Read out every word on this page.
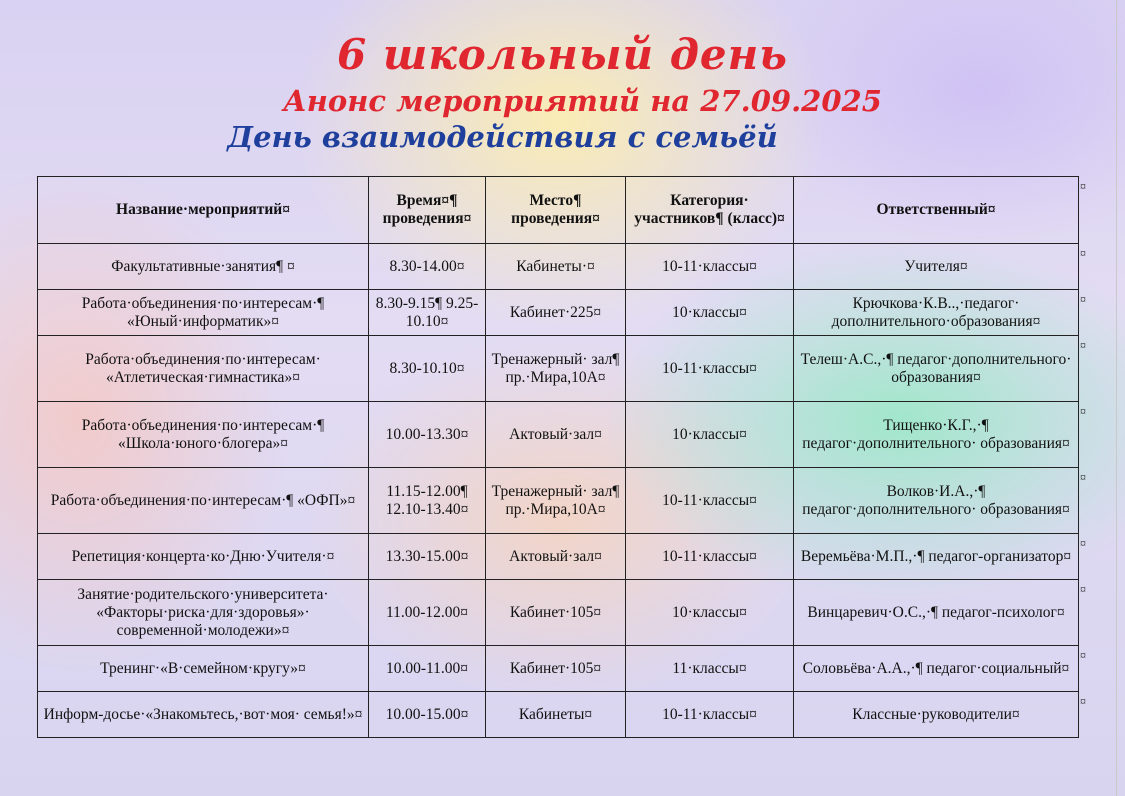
6 школьный день
Анонс мероприятий на 27.09.2025
День взаимодействия с семьёй
Название·мероприятий¤	Время¤¶ проведения¤	Место¶ проведения¤	Категория· участников¶ (класс)¤	Ответственный¤
Факультативные·занятия¶ ¤	8.30-14.00¤	Кабинеты·¤	10-11·классы¤	Учителя¤
Работа·объединения·по·интересам·¶ «Юный·информатик»¤	8.30-9.15¶ 9.25-10.10¤	Кабинет·225¤	10·классы¤	Крючкова·К.В..,·педагог· дополнительного·образования¤
Работа·объединения·по·интересам· «Атлетическая·гимнастика»¤	8.30-10.10¤	Тренажерный· зал¶ пр.·Мира,10А¤	10-11·классы¤	Телеш·А.С.,·¶ педагог·дополнительного· образования¤
Работа·объединения·по·интересам·¶ «Школа·юного·блогера»¤	10.00-13.30¤	Актовый·зал¤	10·классы¤	Тищенко·К.Г.,·¶ педагог·дополнительного· образования¤
Работа·объединения·по·интересам·¶ «ОФП»¤	11.15-12.00¶ 12.10-13.40¤	Тренажерный· зал¶ пр.·Мира,10А¤	10-11·классы¤	Волков·И.А.,·¶ педагог·дополнительного· образования¤
Репетиция·концерта·ко·Дню·Учителя·¤	13.30-15.00¤	Актовый·зал¤	10-11·классы¤	Веремьёва·М.П.,·¶ педагог-организатор¤
Занятие·родительского·университета· «Факторы·риска·для·здоровья»· современной·молодежи»¤	11.00-12.00¤	Кабинет·105¤	10·классы¤	Винцаревич·О.С.,·¶ педагог-психолог¤
Тренинг·«В·семейном·кругу»¤	10.00-11.00¤	Кабинет·105¤	11·классы¤	Соловьёва·А.А.,·¶ педагог·социальный¤
Информ-досье·«Знакомьтесь,·вот·моя· семья!»¤	10.00-15.00¤	Кабинеты¤	10-11·классы¤	Классные·руководители¤
¤
¤
¤
¤
¤
¤
¤
¤
¤
¤
